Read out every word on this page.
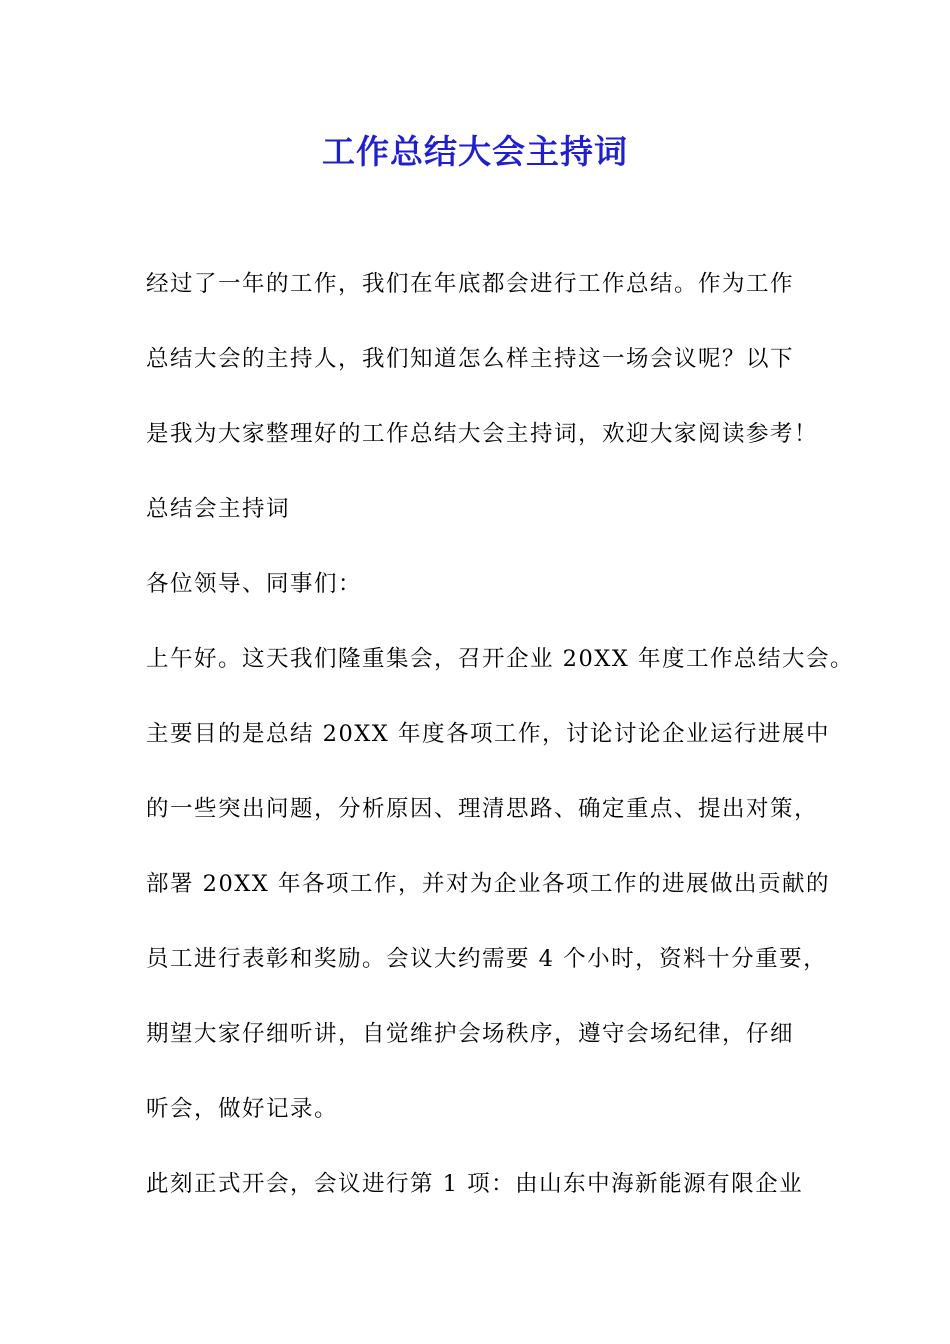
工作总结大会主持词
经过了一年的工作，我们在年底都会进行工作总结。作为工作
总结大会的主持人，我们知道怎么样主持这一场会议呢？以下
是我为大家整理好的工作总结大会主持词，欢迎大家阅读参考！
总结会主持词
各位领导、同事们：
上午好。这天我们隆重集会，召开企业 20XX 年度工作总结大会。
主要目的是总结 20XX 年度各项工作，讨论讨论企业运行进展中
的一些突出问题，分析原因、理清思路、确定重点、提出对策，
部署 20XX 年各项工作，并对为企业各项工作的进展做出贡献的
员工进行表彰和奖励。会议大约需要 4 个小时，资料十分重要，
期望大家仔细听讲，自觉维护会场秩序，遵守会场纪律，仔细
听会，做好记录。
此刻正式开会，会议进行第 1 项：由山东中海新能源有限企业
